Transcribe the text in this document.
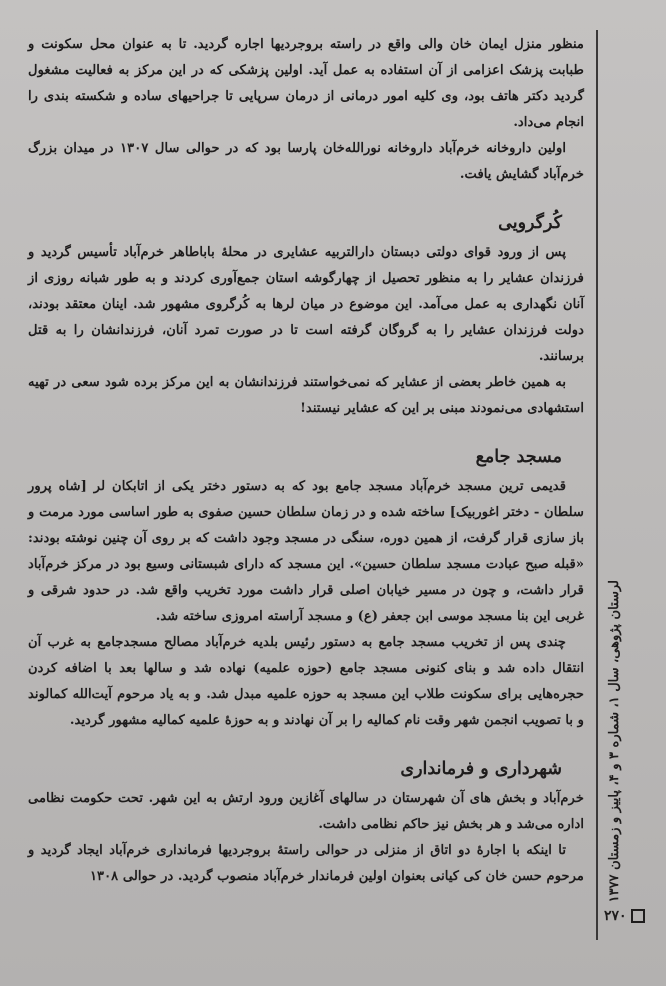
منظور منزل ایمان خان والی واقع در راسته بروجردیها اجاره گردید. تا به عنوان محل سکونت و طبابت پزشک اعزامی از آن استفاده به عمل آید. اولین پزشکی که در این مرکز به فعالیت مشغول گردید دکتر هاتف بود، وی کلیه امور درمانی از درمان سرپایی تا جراحیهای ساده و شکسته بندی را انجام می‌داد.

اولین داروخانه خرم‌آباد داروخانه نورالله‌خان پارسا بود که در حوالی سال ۱۳۰۷ در میدان بزرگ خرم‌آباد گشایش یافت.

کُرگرویی

پس از ورود قوای دولتی دبستان دارالتربیه عشایری در محلهٔ باباطاهر خرم‌آباد تأسیس گردید و فرزندان عشایر را به منظور تحصیل از چهارگوشه استان جمع‌آوری کردند و به طور شبانه روزی از آنان نگهداری به عمل می‌آمد. این موضوع در میان لرها به کُرگروی مشهور شد. اینان معتقد بودند، دولت فرزندان عشایر را به گروگان گرفته است تا در صورت تمرد آنان، فرزندانشان را به قتل برسانند.

به همین خاطر بعضی از عشایر که نمی‌خواستند فرزندانشان به این مرکز برده شود سعی در تهیه استشهادی می‌نمودند مبنی بر این که عشایر نیستند!

مسجد جامع

قدیمی ترین مسجد خرم‌آباد مسجد جامع بود که به دستور دختر یکی از اتابکان لر [شاه پرور سلطان - دختر اغوربیک] ساخته شده و در زمان سلطان حسین صفوی به طور اساسی مورد مرمت و باز سازی قرار گرفت، از همین دوره، سنگی در مسجد وجود داشت که بر روی آن چنین نوشته بودند: «قبله صبح عبادت مسجد سلطان حسین». این مسجد که دارای شبستانی وسیع بود در مرکز خرم‌آباد قرار داشت، و چون در مسیر خیابان اصلی قرار داشت مورد تخریب واقع شد. در حدود شرقی و غربی این بنا مسجد موسی ابن جعفر (ع) و مسجد آراسته امروزی ساخته شد.

چندی پس از تخریب مسجد جامع به دستور رئیس بلدیه خرم‌آباد مصالح مسجدجامع به غرب آن انتقال داده شد و بنای کنونی مسجد جامع (حوزه علمیه) نهاده شد و سالها بعد با اضافه کردن حجره‌هایی برای سکونت طلاب این مسجد به حوزه علمیه مبدل شد. و به یاد مرحوم آیت‌الله کمالوند و با تصویب انجمن شهر وقت نام کمالیه را بر آن نهادند و به حوزهٔ علمیه کمالیه مشهور گردید.

شهرداری و فرمانداری

خرم‌آباد و بخش های آن شهرستان در سالهای آغازین ورود ارتش به این شهر. تحت حکومت نظامی اداره می‌شد و هر بخش نیز حاکم نظامی داشت.

تا اینکه با اجارهٔ دو اتاق از منزلی در حوالی راستهٔ بروجردیها فرمانداری خرم‌آباد ایجاد گردید و مرحوم حسن خان کی کیانی بعنوان اولین فرماندار خرم‌آباد منصوب گردید. در حوالی ۱۳۰۸	لرستان پژوهی، سال ۱، شماره ۳ و ۴، پاییز و زمستان ۱۳۷۷
۲۷۰
